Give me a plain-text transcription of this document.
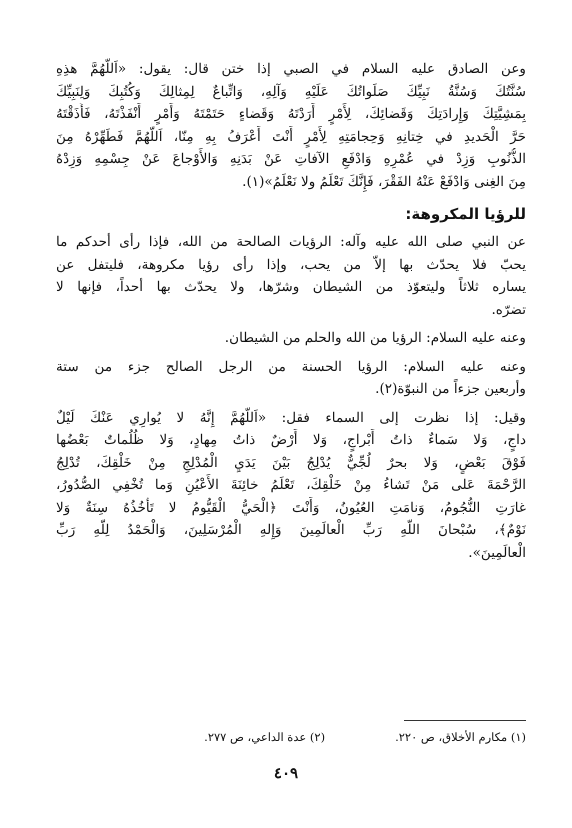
وعن الصادق عليه السلام في الصبي إذا ختن قال: يقول: «اَللّهُمَّ هذِهِ
سُنَّتُكَ وَسُنَّةُ نَبِيِّكَ صَلَواتُكَ عَلَيْهِ وَآلِهِ، وَاتِّباعٌ لِمِثالِكَ وَكُتُبِكَ وَلِنَبِيِّكَ
بِمَشِيَّتِكَ وَإِرادَتِكَ وَقَضائِكَ، لِأَمْرٍ أَرَدْتَهُ وَقَضاءٍ حَتَمْتَهُ وَأَمْرٍ أَنْفَذْتَهُ، فَأَذَقْتَهُ
حَرَّ الْحَديدِ في خِتانِهِ وَحِجامَتِهِ لِأَمْرٍ أَنْتَ أَعْرَفُ بِهِ مِنّا، اَللّهُمَّ فَطَهِّرْهُ مِنَ
الذُّنُوبِ وَزِدْ في عُمْرِهِ وَادْفَعِ الآفاتِ عَنْ بَدَنِهِ وَالأَوْجاعَ عَنْ جِسْمِهِ وَزِدْهُ
مِنَ الغِنى وَادْفَعْ عَنْهُ الفَقْرَ، فَإِنَّكَ تَعْلَمُ ولا نَعْلَمُ»(١).

للرؤيا المكروهة:

عن النبي صلى الله عليه وآله: الرؤيات الصالحة من الله، فإذا رأى أحدكم ما
يحبّ فلا يحدّث بها إلاّ من يحب، وإذا رأى رؤيا مكروهة، فليتفل عن
يساره ثلاثاً وليتعوّذ من الشيطان وشرّها، ولا يحدّث بها أحداً، فإنها لا
تضرّه.

وعنه عليه السلام: الرؤيا من الله والحلم من الشيطان.

وعنه عليه السلام: الرؤيا الحسنة من الرجل الصالح جزء من ستة
وأربعين جزءاً من النبوّة(٢).

وقيل: إذا نظرت إلى السماء فقل: «اَللّهُمَّ إِنَّهُ لا يُوارِي عَنْكَ لَيْلٌ
داجٍ، وَلا سَماءٌ ذاتُ أَبْراجٍ، وَلا أَرْضٌ ذاتُ مِهادٍ، وَلا ظُلُماتٌ بَعْضُها
فَوْقَ بَعْضٍ، وَلا بحرٌ لُجِّيٌّ يُدْلِجُ بَيْنَ يَدَيِ الْمُدْلِجِ مِنْ خَلْقِكَ، تُدْلِجُ
الرَّحْمَةَ عَلى مَنْ تَشاءُ مِنْ خَلْقِكَ، تَعْلَمُ خائِنَةَ الأَعْيُنِ وَما تُخْفِي الصُّدُورُ،
غارَتِ النُّجُومُ، وَنامَتِ العُيُونُ، وَأَنْتَ ﴿الْحَيُّ الْقَيُّومُ لا تَأْخُذُهُ سِنَةٌ وَلا
نَوْمٌ﴾، سُبْحانَ اللّهِ رَبِّ الْعالَمِينَ وَإِلهِ الْمُرْسَلِينَ، وَالْحَمْدُ لِلّهِ رَبِّ
الْعالَمِينَ».

(١) مكارم الأخلاق، ص ٢٢٠.
(٢) عدة الداعي، ص ٢٧٧.
٤٠٩
